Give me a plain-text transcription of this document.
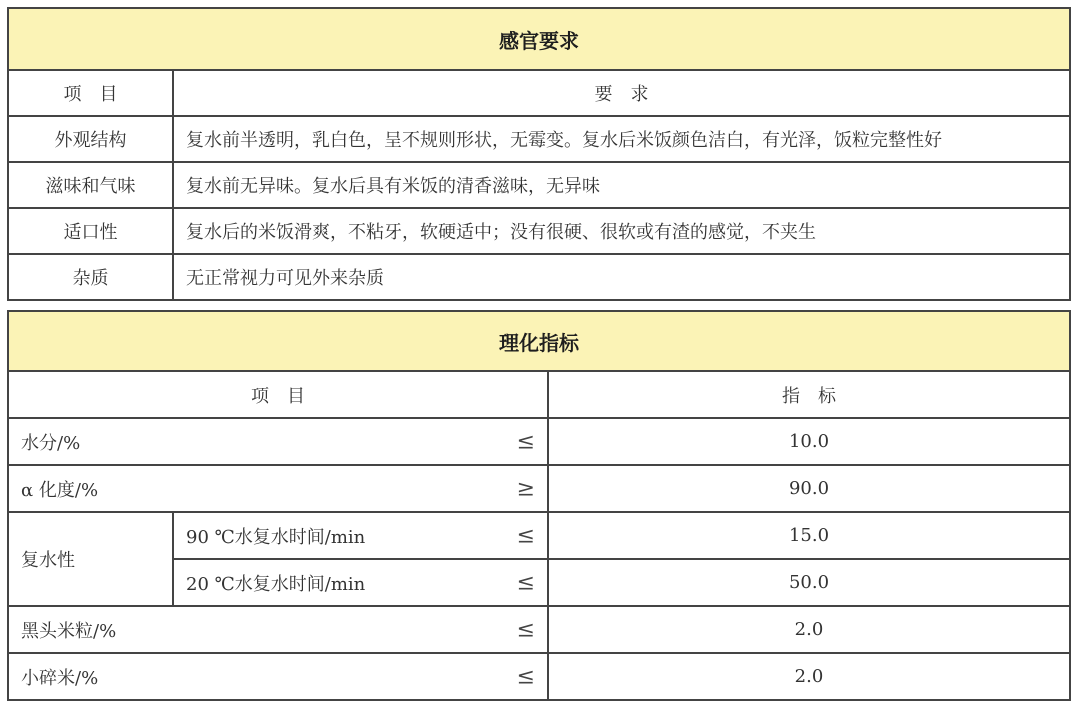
感官要求	
项　目	要　求
外观结构	复水前半透明，乳白色，呈不规则形状，无霉变。复水后米饭颜色洁白，有光泽，饭粒完整性好
滋味和气味	复水前无异味。复水后具有米饭的清香滋味，无异味
适口性	复水后的米饭滑爽，不粘牙，软硬适中；没有很硬、很软或有渣的感觉，不夹生
杂质	无正常视力可见外来杂质
理化指标		
项　目		指　标
水分/% ≤		10.0
α 化度/% ≥		90.0
复水性	90 ℃水复水时间/min ≤	15.0
	20 ℃水复水时间/min ≤	50.0
黑头米粒/% ≤		2.0
小碎米/% ≤		2.0
